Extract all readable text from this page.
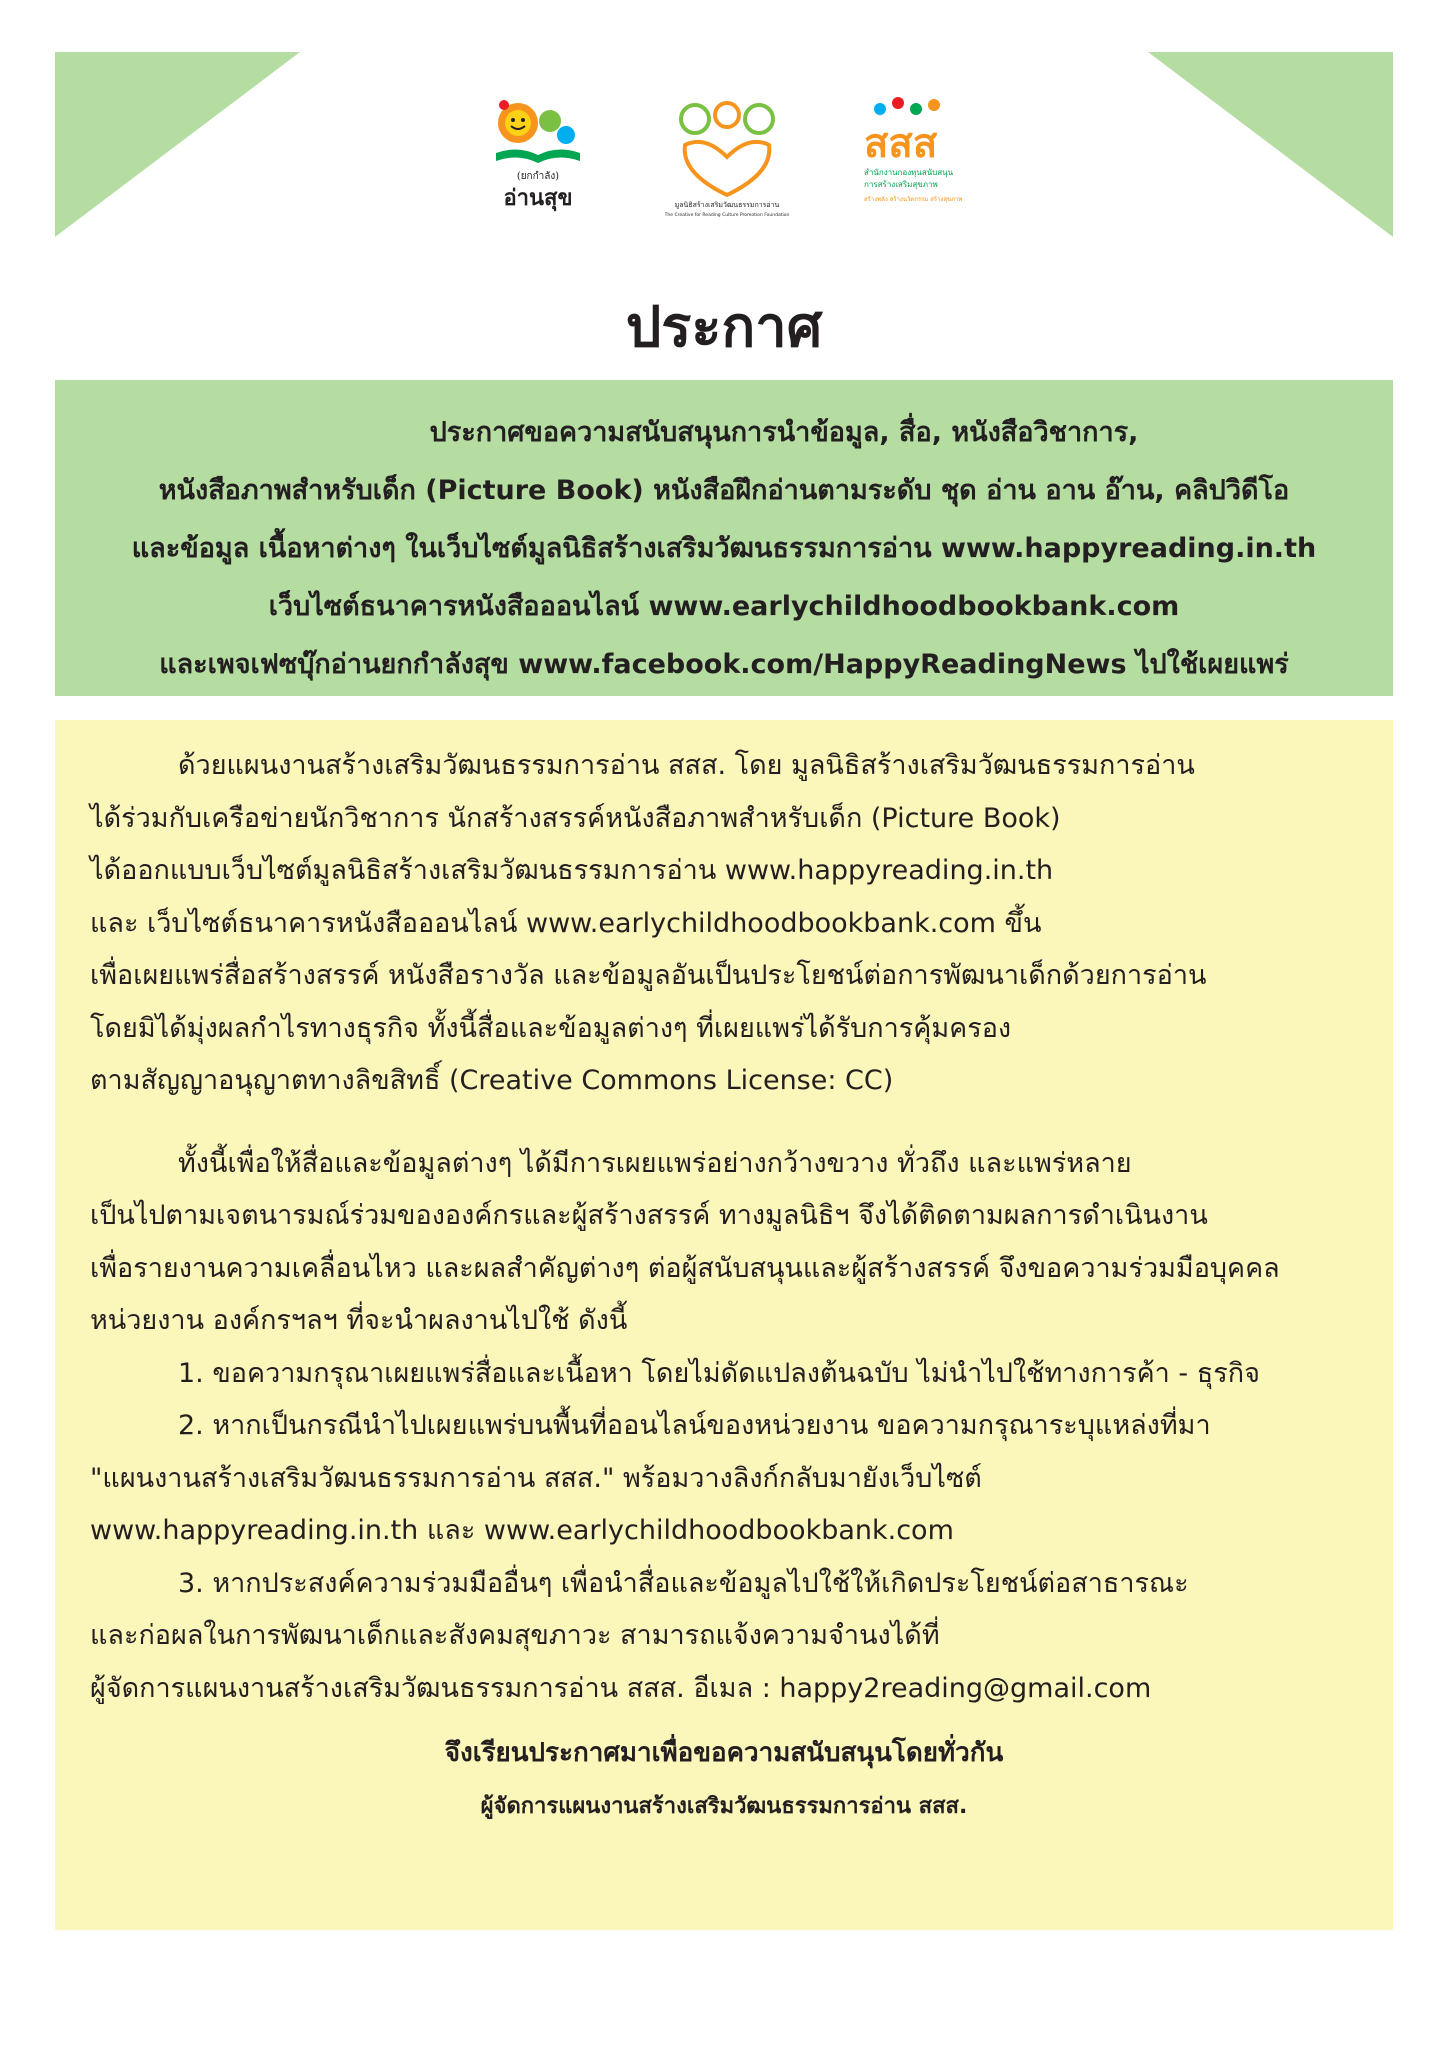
(ยกกำลัง)
อ่านสุข	มูลนิธิสร้างเสริมวัฒนธรรมการอ่าน
The Creative for Reading Culture Promotion Foundation
สสส
สำนักงานกองทุนสนับสนุน
การสร้างเสริมสุขภาพ
สร้างพลัง สร้างนวัตกรรม สร้างสุขภาพ
ประกาศ

ประกาศขอความสนับสนุนการนำข้อมูล, สื่อ, หนังสือวิชาการ,

หนังสือภาพสำหรับเด็ก (Picture Book) หนังสือฝึกอ่านตามระดับ ชุด อ่าน อาน อ๊าน, คลิปวิดีโอ

และข้อมูล เนื้อหาต่างๆ ในเว็บไซต์มูลนิธิสร้างเสริมวัฒนธรรมการอ่าน www.happyreading.in.th

เว็บไซต์ธนาคารหนังสือออนไลน์ www.earlychildhoodbookbank.com

และเพจเฟซบุ๊กอ่านยกกำลังสุข www.facebook.com/HappyReadingNews ไปใช้เผยแพร่

ด้วยแผนงานสร้างเสริมวัฒนธรรมการอ่าน สสส. โดย มูลนิธิสร้างเสริมวัฒนธรรมการอ่าน

ได้ร่วมกับเครือข่ายนักวิชาการ นักสร้างสรรค์หนังสือภาพสำหรับเด็ก (Picture Book)

ได้ออกแบบเว็บไซต์มูลนิธิสร้างเสริมวัฒนธรรมการอ่าน www.happyreading.in.th

และ เว็บไซต์ธนาคารหนังสือออนไลน์ www.earlychildhoodbookbank.com ขึ้น

เพื่อเผยแพร่สื่อสร้างสรรค์ หนังสือรางวัล และข้อมูลอันเป็นประโยชน์ต่อการพัฒนาเด็กด้วยการอ่าน

โดยมิได้มุ่งผลกำไรทางธุรกิจ ทั้งนี้สื่อและข้อมูลต่างๆ ที่เผยแพร่ได้รับการคุ้มครอง

ตามสัญญาอนุญาตทางลิขสิทธิ์ (Creative Commons License: CC)

ทั้งนี้เพื่อให้สื่อและข้อมูลต่างๆ ได้มีการเผยแพร่อย่างกว้างขวาง ทั่วถึง และแพร่หลาย

เป็นไปตามเจตนารมณ์ร่วมขององค์กรและผู้สร้างสรรค์ ทางมูลนิธิฯ จึงได้ติดตามผลการดำเนินงาน

เพื่อรายงานความเคลื่อนไหว และผลสำคัญต่างๆ ต่อผู้สนับสนุนและผู้สร้างสรรค์ จึงขอความร่วมมือบุคคล

หน่วยงาน องค์กรฯลฯ ที่จะนำผลงานไปใช้ ดังนี้

1. ขอความกรุณาเผยแพร่สื่อและเนื้อหา โดยไม่ดัดแปลงต้นฉบับ ไม่นำไปใช้ทางการค้า - ธุรกิจ

2. หากเป็นกรณีนำไปเผยแพร่บนพื้นที่ออนไลน์ของหน่วยงาน ขอความกรุณาระบุแหล่งที่มา

"แผนงานสร้างเสริมวัฒนธรรมการอ่าน สสส." พร้อมวางลิงก์กลับมายังเว็บไซต์

www.happyreading.in.th และ www.earlychildhoodbookbank.com

3. หากประสงค์ความร่วมมืออื่นๆ เพื่อนำสื่อและข้อมูลไปใช้ให้เกิดประโยชน์ต่อสาธารณะ

และก่อผลในการพัฒนาเด็กและสังคมสุขภาวะ สามารถแจ้งความจำนงได้ที่

ผู้จัดการแผนงานสร้างเสริมวัฒนธรรมการอ่าน สสส. อีเมล : happy2reading@gmail.com

จึงเรียนประกาศมาเพื่อขอความสนับสนุนโดยทั่วกัน

ผู้จัดการแผนงานสร้างเสริมวัฒนธรรมการอ่าน สสส.
